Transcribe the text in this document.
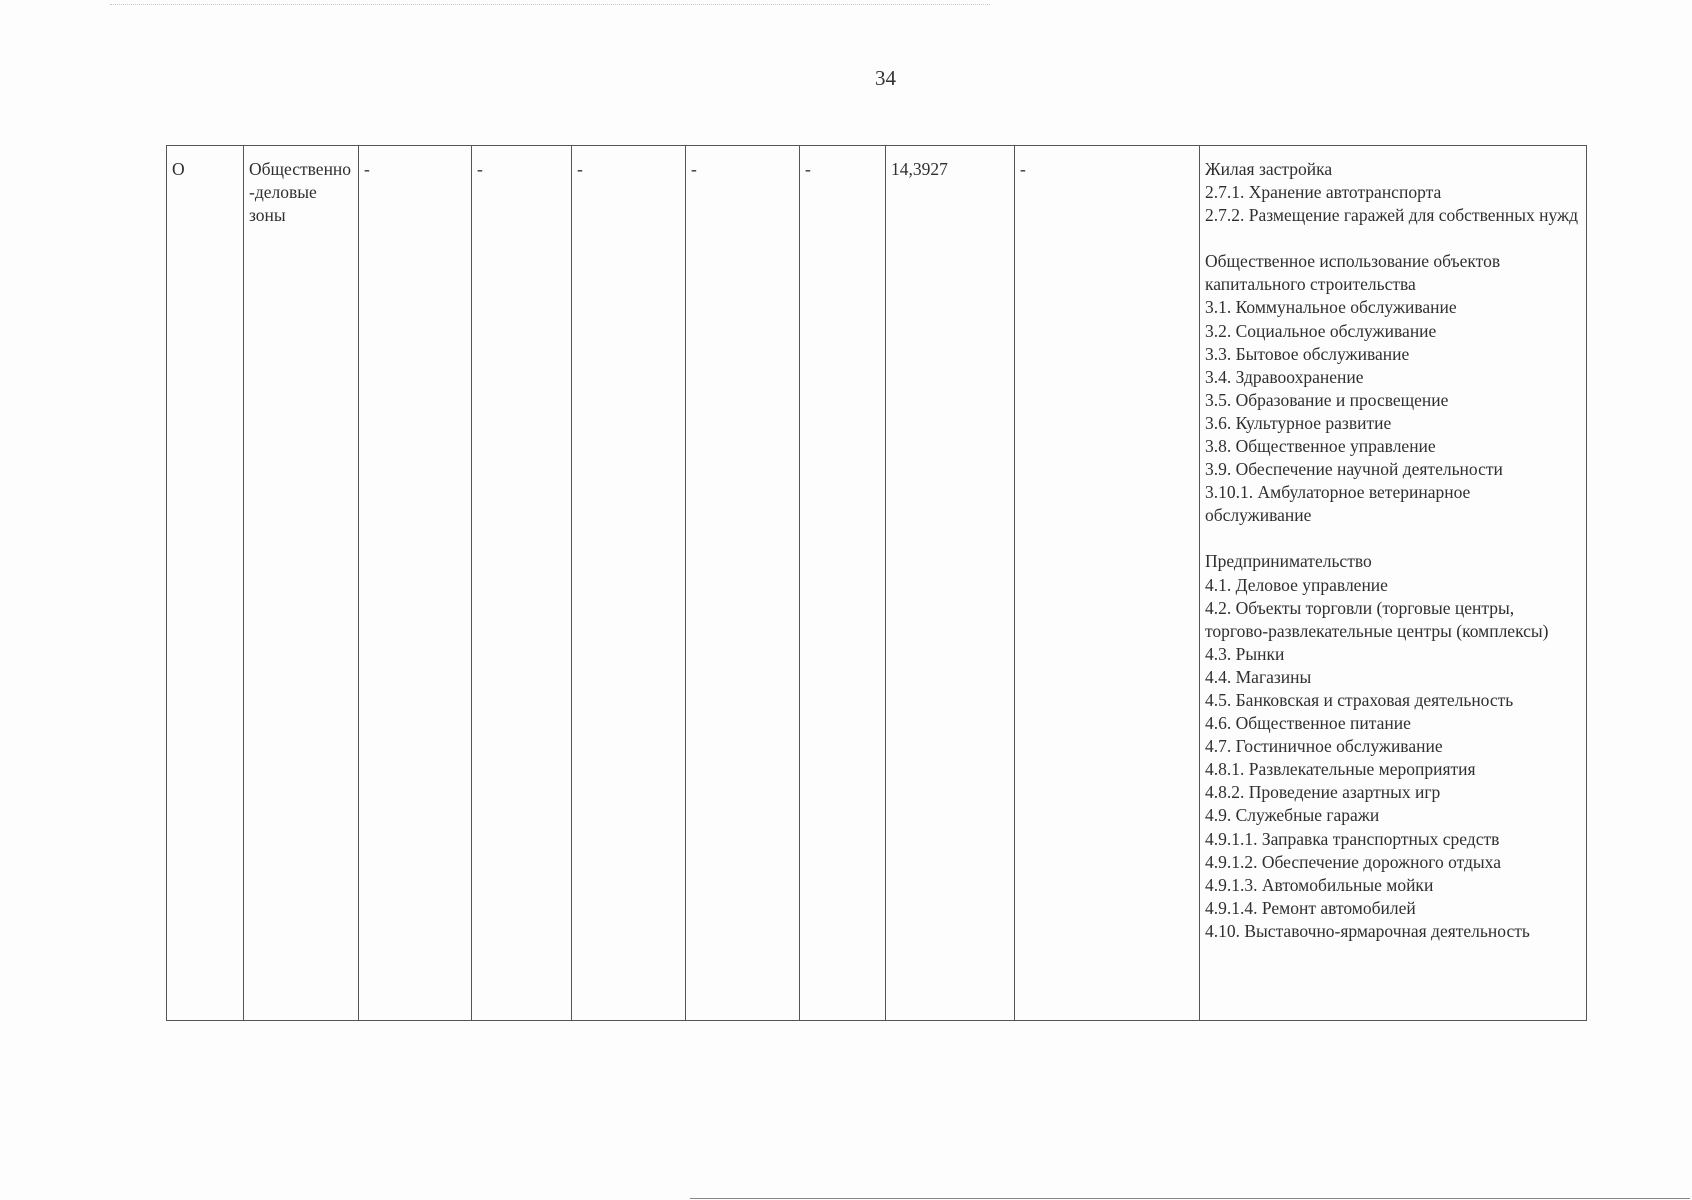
34
О	Общественно-деловые зоны	-	-	-	-	-	14,3927	-	Жилая застройка
2.7.1. Хранение автотранспорта
2.7.2. Размещение гаражей для собственных нужд
Общественное использование объектов капитального строительства
3.1. Коммунальное обслуживание
3.2. Социальное обслуживание
3.3. Бытовое обслуживание
3.4. Здравоохранение
3.5. Образование и просвещение
3.6. Культурное развитие
3.8. Общественное управление
3.9. Обеспечение научной деятельности
3.10.1. Амбулаторное ветеринарное обслуживание
Предпринимательство
4.1. Деловое управление
4.2. Объекты торговли (торговые центры, торгово-развлекательные центры (комплексы)
4.3. Рынки
4.4. Магазины
4.5. Банковская и страховая деятельность
4.6. Общественное питание
4.7. Гостиничное обслуживание
4.8.1. Развлекательные мероприятия
4.8.2. Проведение азартных игр
4.9. Служебные гаражи
4.9.1.1. Заправка транспортных средств
4.9.1.2. Обеспечение дорожного отдыха
4.9.1.3. Автомобильные мойки
4.9.1.4. Ремонт автомобилей
4.10. Выставочно-ярмарочная деятельность
